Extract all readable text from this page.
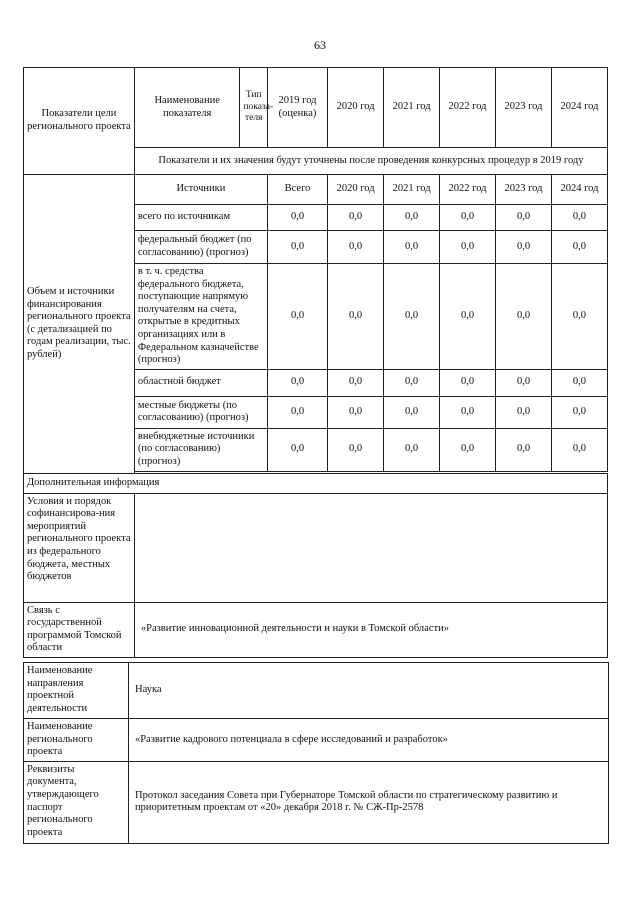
63
Показатели цели регионального проекта	Наименование показателя	Тип показа-теля	2019 год (оценка)	2020 год	2021 год	2022 год	2023 год	2024 год
	Показатели и их значения будут уточнены после проведения конкурсных процедур в 2019 году							
Объем и источники финансирования регионального проекта (с детализацией по годам реализации, тыс. рублей)	Источники		Всего	2020 год	2021 год	2022 год	2023 год	2024 год
	всего по источникам		0,0	0,0	0,0	0,0	0,0	0,0
	федеральный бюджет (по согласованию) (прогноз)		0,0	0,0	0,0	0,0	0,0	0,0
	в т. ч. средства федерального бюджета, поступающие напрямую получателям на счета, открытые в кредитных организациях или в Федеральном казначействе (прогноз)		0,0	0,0	0,0	0,0	0,0	0,0
	областной бюджет		0,0	0,0	0,0	0,0	0,0	0,0
	местные бюджеты (по согласованию) (прогноз)		0,0	0,0	0,0	0,0	0,0	0,0
	внебюджетные источники (по согласованию) (прогноз)		0,0	0,0	0,0	0,0	0,0	0,0

Дополнительная информация								
Условия и порядок софинансирова-ния мероприятий регионального проекта из федерального бюджета, местных бюджетов								
Связь с государственной программой Томской области	«Развитие инновационной деятельности и науки в Томской области»							
Наименование направления проектной деятельности	Наука
Наименование регионального проекта	«Развитие кадрового потенциала в сфере исследований и разработок»
Реквизиты документа, утверждающего паспорт регионального проекта	Протокол заседания Совета при Губернаторе Томской области по стратегическому развитию и приоритетным проектам от «20» декабря 2018 г. № СЖ-Пр-2578
